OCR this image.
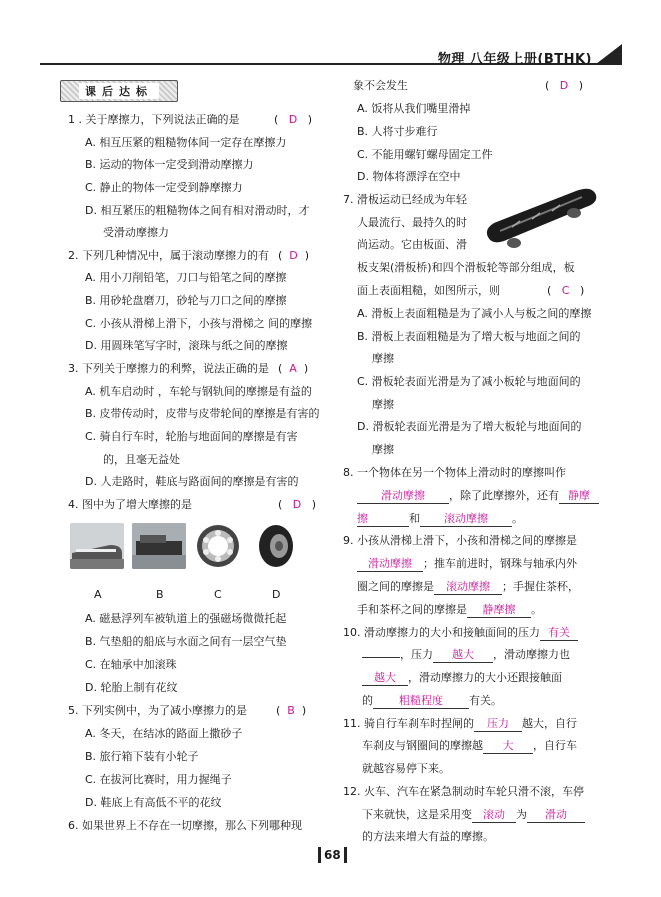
物理 八年级上册(BTHK)
课后达标
1 . 关于摩擦力，下列说法正确的是	(   D   )
A. 相互压紧的粗糙物体间一定存在摩擦力
B. 运动的物体一定受到滑动摩擦力
C. 静止的物体一定受到静摩擦力
D. 相互紧压的粗糙物体之间有相对滑动时，才
受滑动摩擦力
2. 下列几种情况中，属于滚动摩擦力的有 (  D  )
A. 用小刀削铅笔，刀口与铅笔之间的摩擦
B. 用砂轮盘磨刀，砂轮与刀口之间的摩擦
C. 小孩从滑梯上滑下，小孩与滑梯之 间的摩擦
D. 用圆珠笔写字时，滚珠与纸之间的摩擦
3. 下列关于摩擦力的利弊，说法正确的是 (  A  )
A. 机车启动时 ，车轮与钢轨间的摩擦是有益的
B. 皮带传动时，皮带与皮带轮间的摩擦是有害的
C. 骑自行车时，轮胎与地面间的摩擦是有害
的，且毫无益处
D. 人走路时，鞋底与路面间的摩擦是有害的
4. 图中为了增大摩擦的是	(   D   )
A	B	C	D
A. 磁悬浮列车被轨道上的强磁场微微托起
B. 气垫船的船底与水面之间有一层空气垫
C. 在轴承中加滚珠
D. 轮胎上制有花纹
5. 下列实例中，为了减小摩擦力的是	(  B  )
A. 冬天，在结冰的路面上撒砂子
B. 旅行箱下装有小轮子
C. 在拔河比赛时，用力握绳子
D. 鞋底上有高低不平的花纹
6. 如果世界上不存在一切摩擦，那么下列哪种现
象不会发生	(   D   )
A. 饭将从我们嘴里滑掉
B. 人将寸步难行
C. 不能用螺钉螺母固定工件
D. 物体将漂浮在空中
7. 滑板运动已经成为年轻
人最流行、最持久的时
尚运动。它由板面、滑
板支架(滑板桥)和四个滑板轮等部分组成，板
面上表面粗糙，如图所示，则	(   C   )
A. 滑板上表面粗糙是为了减小人与板之间的摩擦
B. 滑板上表面粗糙是为了增大板与地面之间的
摩擦
C. 滑板轮表面光滑是为了减小板轮与地面间的
摩擦
D. 滑板轮表面光滑是为了增大板轮与地面间的
摩擦
8. 一个物体在另一个物体上滑动时的摩擦叫作
滑动摩擦 ，除了此摩擦外，还有 静摩
擦	和 滚动摩擦 。
9. 小孩从滑梯上滑下，小孩和滑梯之间的摩擦是
滑动摩擦 ；推车前进时，钢珠与轴承内外
圈之间的摩擦是 滚动摩擦 ；手握住茶杯，
手和茶杯之间的摩擦是 静摩擦 。
10. 滑动摩擦力的大小和接触面间的压力 有关
，压力 越大 ，滑动摩擦力也
越大 ，滑动摩擦力的大小还跟接触面
的 粗糙程度 有关。
11. 骑自行车刹车时捏闸的 压力 越大，自行
车刹皮与钢圈间的摩擦越 大 ，自行车
就越容易停下来。
12. 火车、汽车在紧急制动时车轮只滑不滚，车停
下来就快，这是采用变 滚动 为 滑动
的方法来增大有益的摩擦。
68
